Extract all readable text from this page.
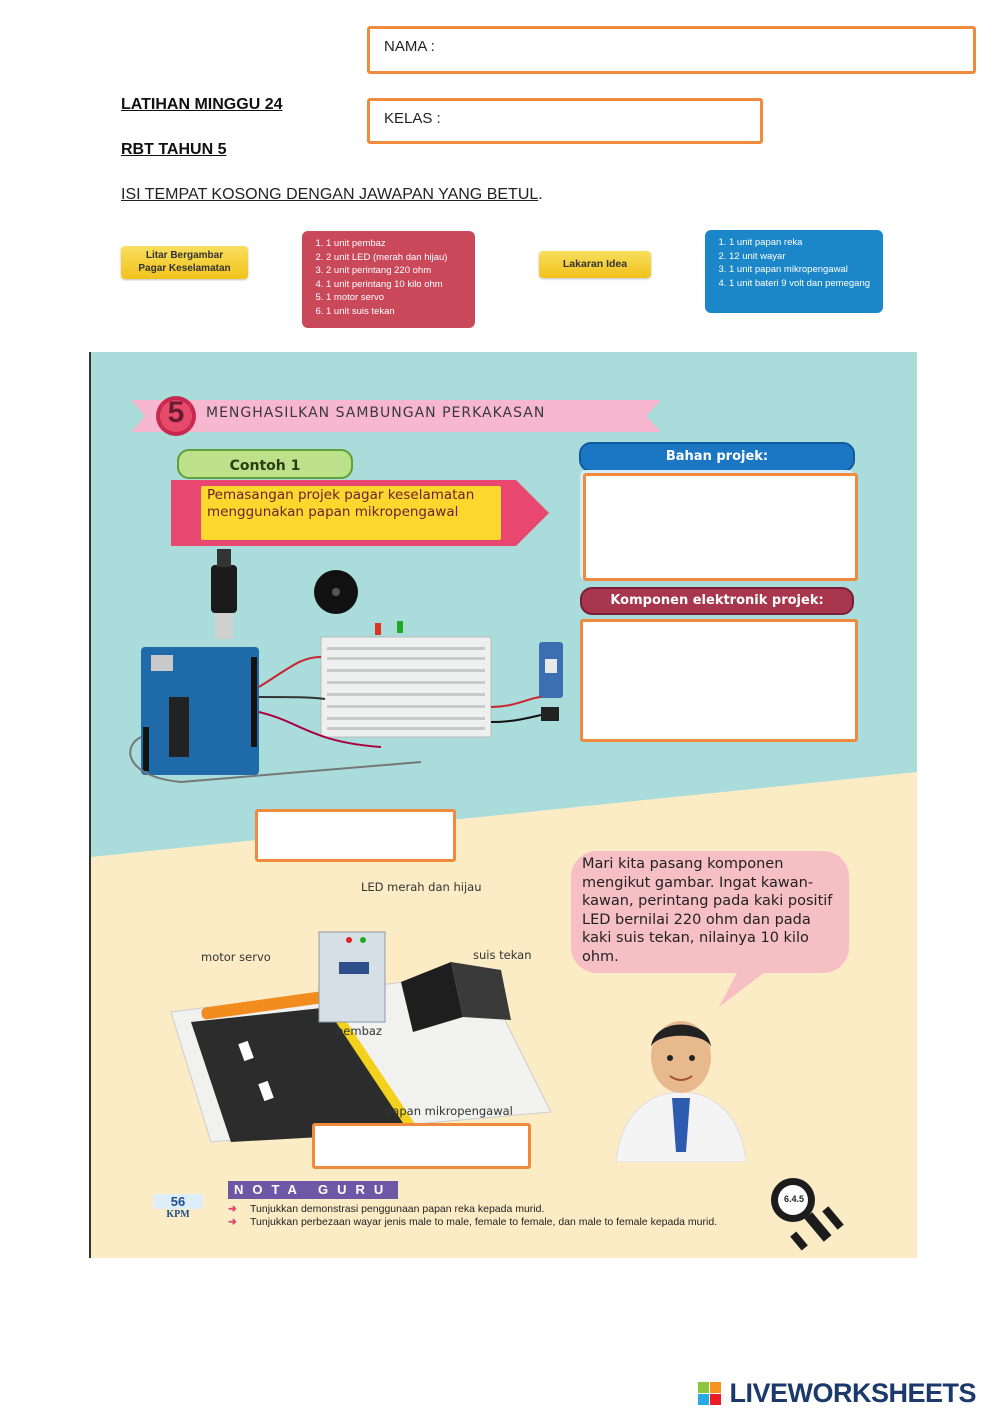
NAMA :
KELAS :
LATIHAN MINGGU 24
RBT TAHUN 5
ISI TEMPAT KOSONG DENGAN JAWAPAN YANG BETUL.
Litar Bergambar
Pagar Keselamatan
1. 1 unit pembaz
2. 2 unit LED (merah dan hijau)
3. 2 unit perintang 220 ohm
4. 1 unit perintang 10 kilo ohm
5. 1 motor servo
6. 1 unit suis tekan
Lakaran Idea
1. 1 unit papan reka
2. 12 unit wayar
3. 1 unit papan mikropengawal
4. 1 unit bateri 9 volt dan pemegang
5 MENGHASILKAN SAMBUNGAN PERKAKASAN
Contoh 1
Pemasangan projek pagar keselamatan menggunakan papan mikropengawal
Bahan projek:
Komponen elektronik projek:
Mari kita pasang komponen mengikut gambar. Ingat kawan-kawan, perintang pada kaki positif LED bernilai 220 ohm dan pada kaki suis tekan, nilainya 10 kilo ohm.
LED merah dan hijau
motor servo	suis tekan
pembaz
papan mikropengawal
56
KPM
NOTA GURU
➜ Tunjukkan demonstrasi penggunaan papan reka kepada murid.
➜ Tunjukkan perbezaan wayar jenis male to male, female to female, dan male to female kepada murid.
6.4.5
LIVEWORKSHEETS
